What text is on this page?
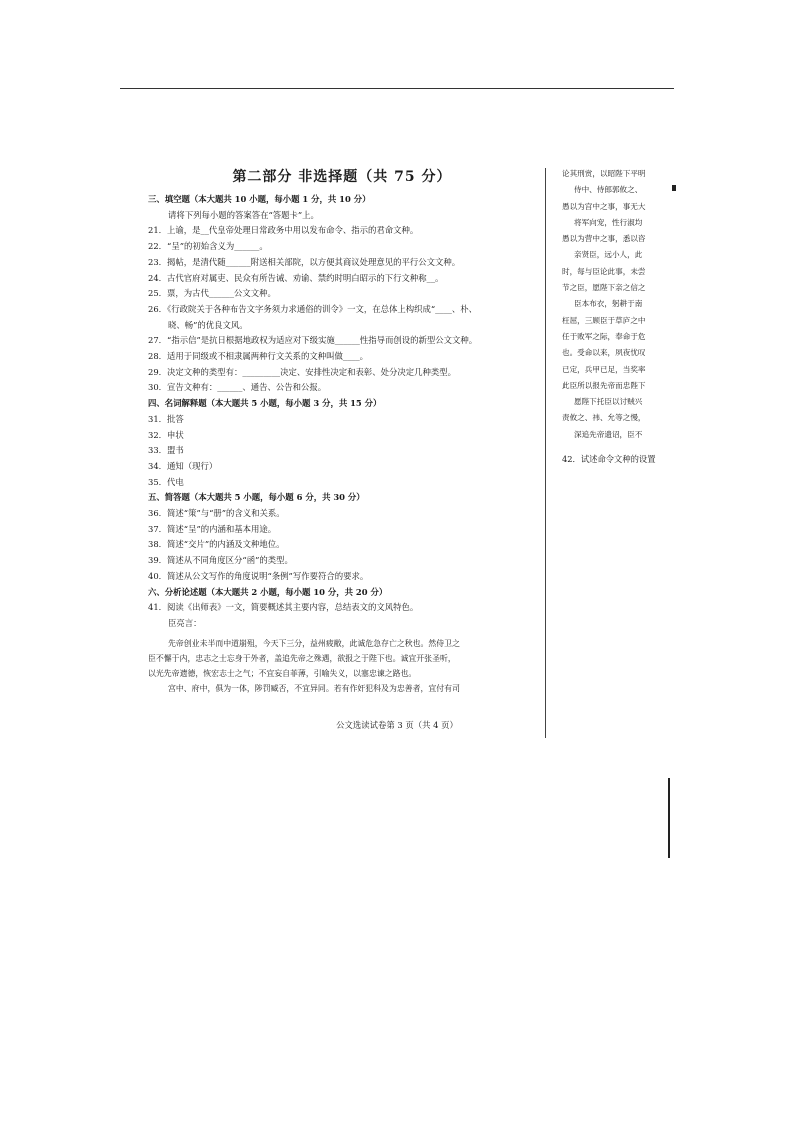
第二部分 非选择题（共 75 分）
三、填空题（本大题共 10 小题，每小题 1 分，共 10 分）
请将下列每小题的答案答在“答题卡”上。
21．上谕，是__代皇帝处理日常政务中用以发布命令、指示的君命文种。
22．“呈”的初始含义为______。
23．揭帖，是清代随______附送相关部院，以方便其商议处理意见的平行公文文种。
24．古代官府对属吏、民众有所告诫、劝谕、禁约时明白昭示的下行文种称__。
25．票，为古代______公文文种。
26．《行政院关于各种布告文字务须力求通俗的训令》一文，在总体上构织成“____、朴、
晓、畅”的优良文风。
27．“指示信”是抗日根据地政权为适应对下级实施______性指导而创设的新型公文文种。
28．适用于同级或不相隶属两种行文关系的文种叫做____。
29．决定文种的类型有：_________决定、安排性决定和表彰、处分决定几种类型。
30．宣告文种有：______、通告、公告和公报。
四、名词解释题（本大题共 5 小题，每小题 3 分，共 15 分）
31．批答
32．申状
33．盟书
34．通知（现行）
35．代电
五、简答题（本大题共 5 小题，每小题 6 分，共 30 分）
36．简述“策”与“册”的含义和关系。
37．简述“呈”的内涵和基本用途。
38．简述“交片”的内涵及文种地位。
39．简述从不同角度区分“函”的类型。
40．简述从公文写作的角度说明“条例”写作要符合的要求。
六、分析论述题（本大题共 2 小题，每小题 10 分，共 20 分）
41．阅读《出师表》一文，简要概述其主要内容，总结表文的文风特色。
臣亮言：
先帝创业未半而中道崩殂，今天下三分，益州疲敝，此诚危急存亡之秋也。然侍卫之
臣不懈于内，忠志之士忘身于外者，盖追先帝之殊遇，欲报之于陛下也。诚宜开张圣听，
以光先帝遗德，恢宏志士之气；不宜妄自菲薄，引喻失义，以塞忠谏之路也。
宫中、府中，俱为一体，陟罚臧否，不宜异同。若有作奸犯科及为忠善者，宜付有司
公文选读试卷第 3 页（共 4 页）
论其刑赏，以昭陛下平明
侍中、侍郎郭攸之、
愚以为宫中之事，事无大
将军向宠，性行淑均
愚以为营中之事，悉以咨
亲贤臣，远小人，此
时，每与臣论此事，未尝
节之臣，愿陛下亲之信之
臣本布衣，躬耕于南
枉屈，三顾臣于草庐之中
任于败军之际，奉命于危
也。受命以来，夙夜忧叹
已定，兵甲已足，当奖率
此臣所以报先帝而忠陛下
愿陛下托臣以讨贼兴
责攸之、祎、允等之慢，
深追先帝遗诏，臣不
42．试述命令文种的设置
